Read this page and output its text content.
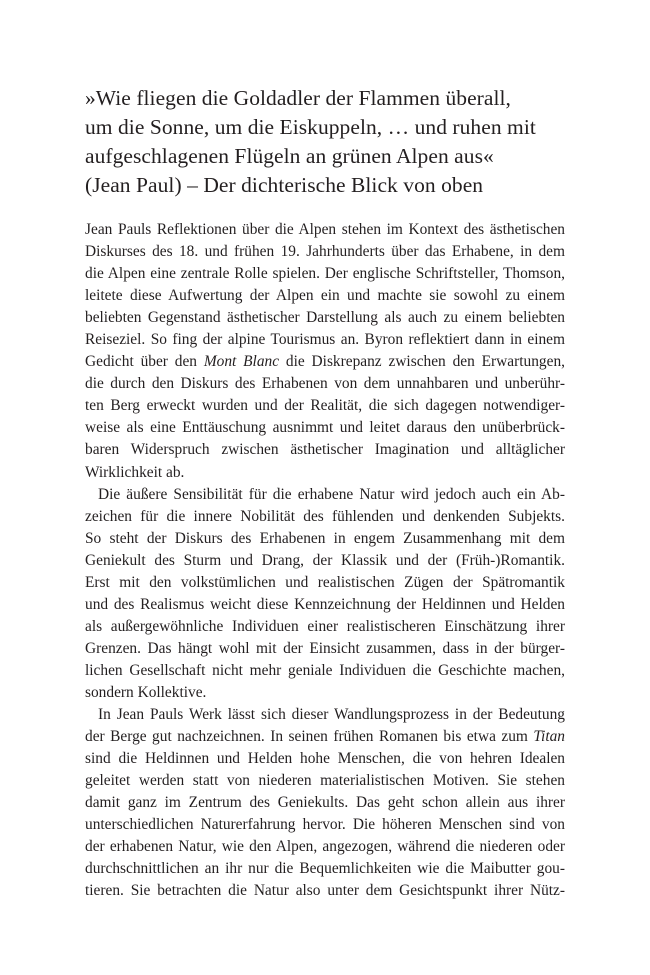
»Wie fliegen die Goldadler der Flammen überall,
um die Sonne, um die Eiskuppeln, … und ruhen mit
aufgeschlagenen Flügeln an grünen Alpen aus«
(Jean Paul) – Der dichterische Blick von oben
Jean Pauls Reflektionen über die Alpen stehen im Kontext des ästhetischen
Diskurses des 18. und frühen 19. Jahrhunderts über das Erhabene, in dem
die Alpen eine zentrale Rolle spielen. Der englische Schriftsteller, Thomson,
leitete diese Aufwertung der Alpen ein und machte sie sowohl zu einem
beliebten Gegenstand ästhetischer Darstellung als auch zu einem beliebten
Reiseziel. So fing der alpine Tourismus an. Byron reflektiert dann in einem
Gedicht über den Mont Blanc die Diskrepanz zwischen den Erwartungen,
die durch den Diskurs des Erhabenen von dem unnahbaren und unberühr-
ten Berg erweckt wurden und der Realität, die sich dagegen notwendiger-
weise als eine Enttäuschung ausnimmt und leitet daraus den unüberbrück-
baren Widerspruch zwischen ästhetischer Imagination und alltäglicher
Wirklichkeit ab.
Die äußere Sensibilität für die erhabene Natur wird jedoch auch ein Ab-
zeichen für die innere Nobilität des fühlenden und denkenden Subjekts.
So steht der Diskurs des Erhabenen in engem Zusammenhang mit dem
Geniekult des Sturm und Drang, der Klassik und der (Früh-)Romantik.
Erst mit den volkstümlichen und realistischen Zügen der Spätromantik
und des Realismus weicht diese Kennzeichnung der Heldinnen und Helden
als außergewöhnliche Individuen einer realistischeren Einschätzung ihrer
Grenzen. Das hängt wohl mit der Einsicht zusammen, dass in der bürger-
lichen Gesellschaft nicht mehr geniale Individuen die Geschichte machen,
sondern Kollektive.
In Jean Pauls Werk lässt sich dieser Wandlungsprozess in der Bedeutung
der Berge gut nachzeichnen. In seinen frühen Romanen bis etwa zum Titan
sind die Heldinnen und Helden hohe Menschen, die von hehren Idealen
geleitet werden statt von niederen materialistischen Motiven. Sie stehen
damit ganz im Zentrum des Geniekults. Das geht schon allein aus ihrer
unterschiedlichen Naturerfahrung hervor. Die höheren Menschen sind von
der erhabenen Natur, wie den Alpen, angezogen, während die niederen oder
durchschnittlichen an ihr nur die Bequemlichkeiten wie die Maibutter gou-
tieren. Sie betrachten die Natur also unter dem Gesichtspunkt ihrer Nütz-
